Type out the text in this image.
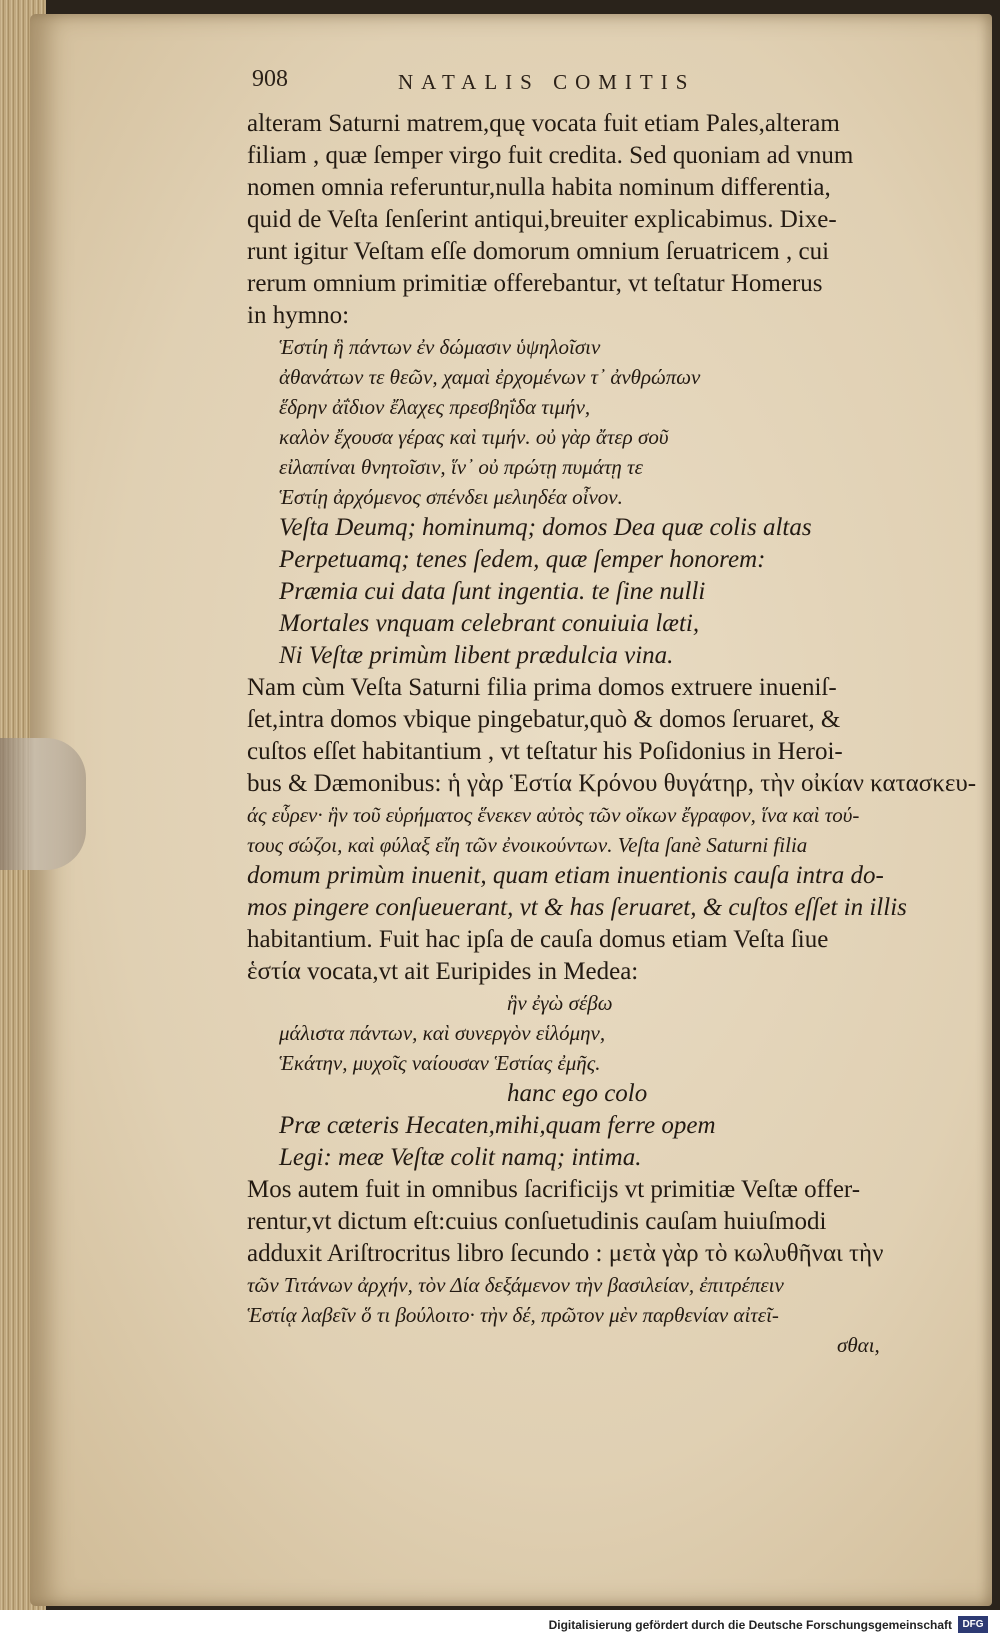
908	NATALIS COMITIS
alteram Saturni matrem,quę vocata fuit etiam Pales,alteram
filiam , quæ ſemper virgo fuit credita. Sed quoniam ad vnum
nomen omnia referuntur,nulla habita nominum differentia,
quid de Veſta ſenſerint antiqui,breuiter explicabimus. Dixe-
runt igitur Veſtam eſſe domorum omnium ſeruatricem , cui
rerum omnium primitiæ offerebantur, vt teſtatur Homerus
in hymno:
Ἑστίη ἣ πάντων ἐν δώμασιν ὑψηλοῖσιν
ἀθανάτων τε θεῶν, χαμαὶ ἐρχομένων τ᾽ ἀνθρώπων
ἕδρην ἀΐδιον ἔλαχες πρεσβηΐδα τιμήν,
καλὸν ἔχουσα γέρας καὶ τιμήν. οὐ γὰρ ἄτερ σοῦ
εἰλαπίναι θνητοῖσιν, ἵν᾽ οὐ πρώτῃ πυμάτῃ τε
Ἑστίῃ ἀρχόμενος σπένδει μελιηδέα οἶνον.
Veſta Deumq; hominumq; domos Dea quæ colis altas
Perpetuamq; tenes ſedem, quæ ſemper honorem:
Præmia cui data ſunt ingentia. te ſine nulli
Mortales vnquam celebrant conuiuia læti,
Ni Veſtæ primùm libent prædulcia vina.
Nam cùm Veſta Saturni filia prima domos extruere inueniſ-
ſet,intra domos vbique pingebatur,quò & domos ſeruaret, &
cuſtos eſſet habitantium , vt teſtatur his Poſidonius in Heroi-
bus & Dæmonibus: ἡ γὰρ Ἑστία Κρόνου θυγάτηρ, τὴν οἰκίαν κατασκευ-
άς εὗρεν· ἣν τοῦ εὑρήματος ἕνεκεν αὐτὸς τῶν οἴκων ἔγραφον, ἵνα καὶ τού-
τους σώζοι, καὶ φύλαξ εἴη τῶν ἐνοικούντων. Veſta ſanè Saturni filia
domum primùm inuenit, quam etiam inuentionis cauſa intra do-
mos pingere conſueuerant, vt & has ſeruaret, & cuſtos eſſet in illis
habitantium. Fuit hac ipſa de cauſa domus etiam Veſta ſiue
ἑστία vocata,vt ait Euripides in Medea:
ἣν ἐγὼ σέβω
μάλιστα πάντων, καὶ συνεργὸν εἱλόμην,
Ἑκάτην, μυχοῖς ναίουσαν Ἑστίας ἐμῆς.
hanc ego colo
Præ cæteris Hecaten,mihi,quam ferre opem
Legi: meæ Veſtæ colit namq; intima.
Mos autem fuit in omnibus ſacrificijs vt primitiæ Veſtæ offer-
rentur,vt dictum eſt:cuius conſuetudinis cauſam huiuſmodi
adduxit Ariſtrocritus libro ſecundo : μετὰ γὰρ τὸ κωλυθῆναι τὴν
τῶν Τιτάνων ἀρχήν, τὸν Δία δεξάμενον τὴν βασιλείαν, ἐπιτρέπειν
Ἑστίᾳ λαβεῖν ὅ τι βούλοιτο· τὴν δέ, πρῶτον μὲν παρθενίαν αἰτεῖ-
σθαι,
Digitalisierung gefördert durch die Deutsche Forschungsgemeinschaft	DFG
